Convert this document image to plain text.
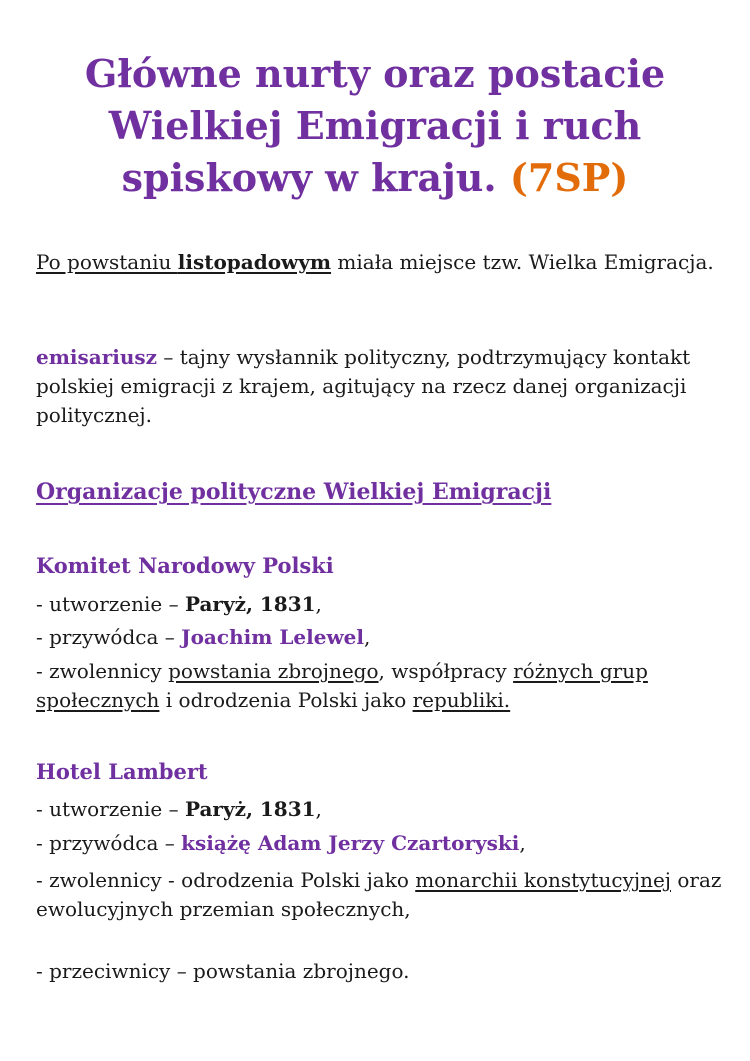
Główne nurty oraz postacie
Wielkiej Emigracji i ruch
spiskowy w kraju. (7SP)

Po powstaniu listopadowym miała miejsce tzw. Wielka Emigracja.

emisariusz – tajny wysłannik polityczny, podtrzymujący kontakt polskiej emigracji z krajem, agitujący na rzecz danej organizacji politycznej.

Organizacje polityczne Wielkiej Emigracji
Komitet Narodowy Polski

- utworzenie – Paryż, 1831,

- przywódca – Joachim Lelewel,

- zwolennicy powstania zbrojnego, współpracy różnych grup społecznych i odrodzenia Polski jako republiki.

Hotel Lambert

- utworzenie – Paryż, 1831,

- przywódca – książę Adam Jerzy Czartoryski,

- zwolennicy - odrodzenia Polski jako monarchii konstytucyjnej oraz ewolucyjnych przemian społecznych,

- przeciwnicy – powstania zbrojnego.
